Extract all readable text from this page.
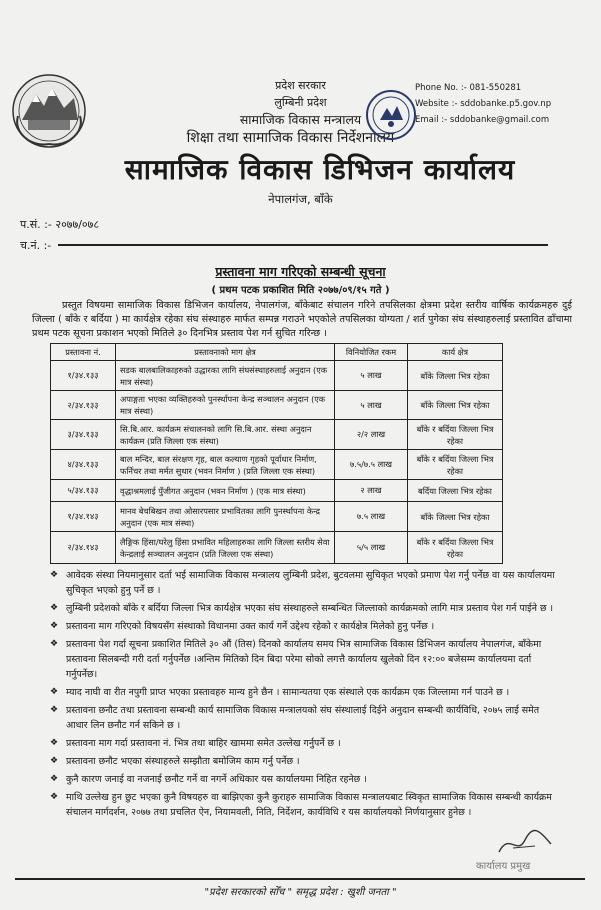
प्रदेश सरकार
लुम्बिनी प्रदेश
सामाजिक विकास मन्त्रालय
शिक्षा तथा सामाजिक विकास निर्देशनालय
सामाजिक विकास डिभिजन कार्यालय
नेपालगंज, बाँके
Phone No. :- 081-550281
Website :- sddobanke.p5.gov.np
Email :- sddobanke@gmail.com
प.सं. :- २०७७/०७८
च.नं. :-
प्रस्तावना माग गरिएको सम्बन्धी सूचना
( प्रथम पटक प्रकाशित मिति २०७७/०९/१५ गते )
प्रस्तुत विषयमा सामाजिक विकास डिभिजन कार्यालय, नेपालगंज, बाँकेबाट संचालन गरिने तपसिलका क्षेत्रमा प्रदेश स्तरीय वार्षिक कार्यक्रमहरु दुई जिल्ला ( बाँके र बर्दिया ) मा कार्यक्षेत्र रहेका संघ संस्थाहरु मार्फत सम्पन्न गराउने भएकोले तपसिलका योग्यता / शर्त पुगेका संघ संस्थाहरुलाई प्रस्तावित ढाँचामा प्रथम पटक सूचना प्रकाशन भएको मितिले ३० दिनभित्र प्रस्ताव पेश गर्न सुचित गरिन्छ ।
प्रस्तावना नं.	प्रस्तावनाको माग क्षेत्र	विनियोजित रकम	कार्य क्षेत्र
१/३४.१३३	सडक बालबालिकाहरुको उद्धारका लागि संघसंस्थाहरुलाई अनुदान (एक मात्र संस्था)	५ लाख	बाँके जिल्ला भित्र रहेका
२/३४.१३३	अपाङ्गता भएका व्यक्तिहरुको पुनर्स्थापना केन्द्र सञ्चालन अनुदान (एक मात्र संस्था)	५ लाख	बाँके जिल्ला भित्र रहेका
३/३४.१३३	सि.बि.आर. कार्यक्रम संचालनको लागि सि.बि.आर. संस्था अनुदान कार्यक्रम (प्रति जिल्ला एक संस्था)	२/२ लाख	बाँके र बर्दिया जिल्ला भित्र रहेका
४/३४.१३३	बाल मन्दिर, बाल संरक्षण गृह, बाल कल्याण गृहको पूर्वाधार निर्माण, फर्निचर तथा मर्मत सुधार (भवन निर्माण ) (प्रति जिल्ला एक संस्था)	७.५/७.५ लाख	बाँके र बर्दिया जिल्ला भित्र रहेका
५/३४.१३३	वृद्धाश्रमलाई पुँजीगत अनुदान (भवन निर्माण ) (एक मात्र संस्था)	२ लाख	बर्दिया जिल्ला भित्र रहेका
१/३४.१४३	मानव बेचबिखन तथा ओसारपसार प्रभावितका लागि पुनर्स्थापना केन्द्र अनुदान (एक मात्र संस्था)	७.५ लाख	बाँके जिल्ला भित्र रहेका
२/३४.१४३	लैङ्गिक हिंसा/घरेलु हिंसा प्रभावित महिलाहरुका लागि जिल्ला स्तरीय सेवा केन्द्रलाई सञ्चालन अनुदान (प्रति जिल्ला एक संस्था)	५/५ लाख	बाँके र बर्दिया जिल्ला भित्र रहेका
❖ आवेदक संस्था नियमानुसार दर्ता भई सामाजिक विकास मन्त्रालय लुम्बिनी प्रदेश, बुटवलमा सुचिकृत भएको प्रमाण पेश गर्नु पर्नेछ वा यस कार्यालयमा सुचिकृत भएको हुनु पर्ने छ ।
❖ लुम्बिनी प्रदेशको बाँके र बर्दिया जिल्ला भित्र कार्यक्षेत्र भएका संघ संस्थाहरुले सम्बन्धित जिल्लाको कार्यक्रमको लागि मात्र प्रस्ताव पेश गर्न पाईने छ ।
❖ प्रस्तावना माग गरिएको विषयसँग संस्थाको विधानमा उक्त कार्य गर्ने उद्देश्य रहेको र कार्यक्षेत्र मिलेको हुनु पर्नेछ ।
❖ प्रस्तावना पेश गर्दा सूचना प्रकाशित मितिले ३० औं (तिस) दिनको कार्यालय समय भित्र सामाजिक विकास डिभिजन कार्यालय नेपालगंज, बाँकेमा प्रस्तावना सिलबन्दी गरी दर्ता गर्नुपर्नेछ ।अन्तिम मितिको दिन बिदा परेमा सोको लगत्तै कार्यालय खुलेको दिन १२:०० बजेसम्म कार्यालयमा दर्ता गर्नुपर्नेछ।
❖ म्याद नाघी वा रीत नपुगी प्राप्त भएका प्रस्तावहरु मान्य हुने छैन । सामान्यतया एक संस्थाले एक कार्यक्रम एक जिल्लामा गर्न पाउने छ ।
❖ प्रस्तावना छनौट तथा प्रस्तावना सम्बन्धी कार्य सामाजिक विकास मन्त्रालयको संघ संस्थालाई दिईने अनुदान सम्बन्धी कार्यविधि, २०७५ लाई समेत आधार लिन छनौट गर्न सकिने छ ।
❖ प्रस्तावना माग गर्दा प्रस्तावना नं. भित्र तथा बाहिर खाममा समेत उल्लेख गर्नुपर्ने छ ।
❖ प्रस्तावना छनौट भएका संस्थाहरुले सम्झौता बमोजिम काम गर्नु पर्नेछ ।
❖ कुनै कारण जनाई वा नजनाई छनौट गर्ने वा नगर्ने अधिकार यस कार्यालयमा निहित रहनेछ ।
❖ माथि उल्लेख हुन छुट भएका कुनै विषयहरु वा बाझिएका कुनै कुराहरु सामाजिक विकास मन्त्रालयबाट स्विकृत सामाजिक विकास सम्बन्धी कार्यक्रम संचालन मार्गदर्शन, २०७७ तथा प्रचलित ऐन, नियामवली, निति, निर्देशन, कार्यविधि र यस कार्यालयको निर्णयानुसार हुनेछ ।
कार्यालय प्रमुख
"प्रदेश सरकारको सोँच " समृद्ध प्रदेश : खुशी जनता "
